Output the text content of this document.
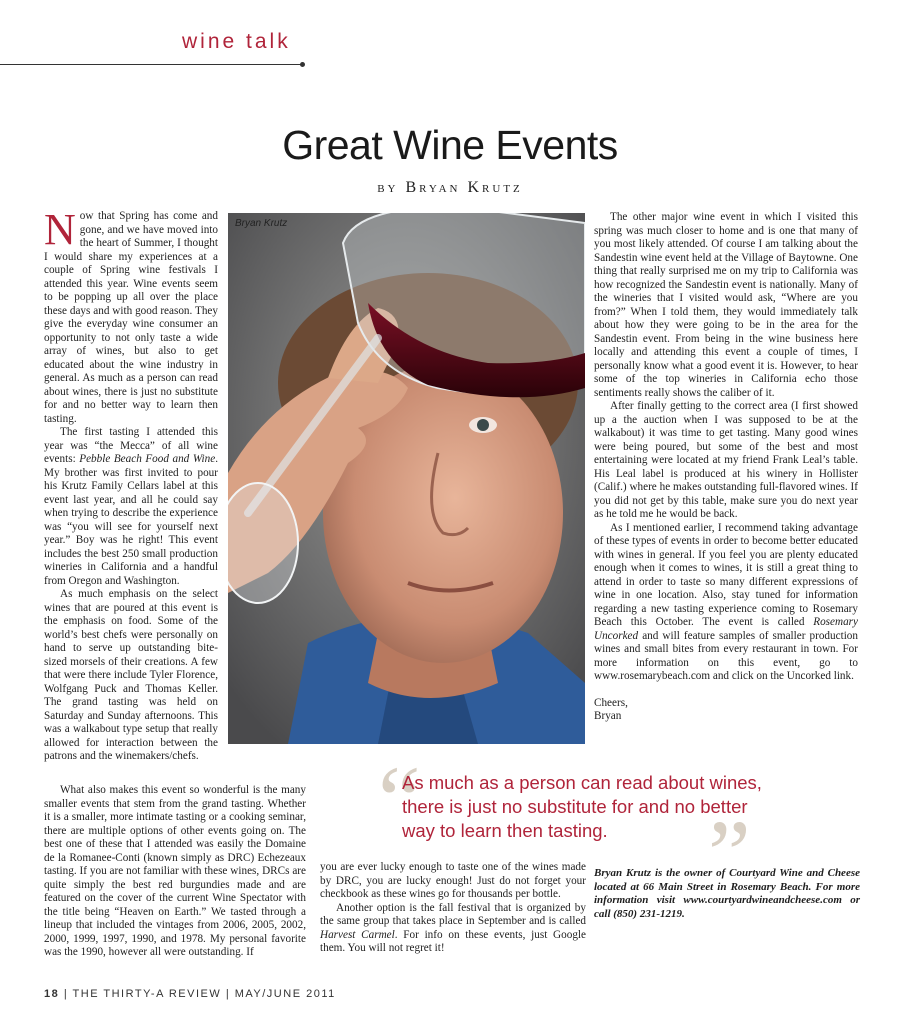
wine talk
Great Wine Events
by Bryan Krutz

Now that Spring has come and gone, and we have moved into the heart of Summer, I thought I would share my experiences at a couple of Spring wine festivals I attended this year. Wine events seem to be popping up all over the place these days and with good reason. They give the everyday wine consumer an opportunity to not only taste a wide array of wines, but also to get educated about the wine industry in general. As much as a person can read about wines, there is just no substitute for and no better way to learn then tasting.

The first tasting I attended this year was “the Mecca” of all wine events: Pebble Beach Food and Wine. My brother was first invited to pour his Krutz Family Cellars label at this event last year, and all he could say when trying to describe the experience was “you will see for yourself next year.” Boy was he right! This event includes the best 250 small production wineries in California and a handful from Oregon and Washington.

As much emphasis on the select wines that are poured at this event is the emphasis on food. Some of the world’s best chefs were personally on hand to serve up outstanding bite-sized morsels of their creations. A few that were there include Tyler Florence, Wolfgang Puck and Thomas Keller. The grand tasting was held on Saturday and Sunday afternoons. This was a walkabout type setup that really allowed for interaction between the patrons and the winemakers/chefs.

What also makes this event so wonderful is the many smaller events that stem from the grand tasting. Whether it is a smaller, more intimate tasting or a cooking seminar, there are multiple options of other events going on. The best one of these that I attended was easily the Domaine de la Romanee-Conti (known simply as DRC) Echezeaux tasting. If you are not familiar with these wines, DRCs are quite simply the best red burgundies made and are featured on the cover of the current Wine Spectator with the title being “Heaven on Earth.” We tasted through a lineup that included the vintages from 2006, 2005, 2002, 2000, 1999, 1997, 1990, and 1978. My personal favorite was the 1990, however all were outstanding. If

you are ever lucky enough to taste one of the wines made by DRC, you are lucky enough! Just do not forget your checkbook as these wines go for thousands per bottle.

Another option is the fall festival that is organized by the same group that takes place in September and is called Harvest Carmel. For info on these events, just Google them. You will not regret it!

The other major wine event in which I visited this spring was much closer to home and is one that many of you most likely attended. Of course I am talking about the Sandestin wine event held at the Village of Baytowne. One thing that really surprised me on my trip to California was how recognized the Sandestin event is nationally. Many of the wineries that I visited would ask, “Where are you from?” When I told them, they would immediately talk about how they were going to be in the area for the Sandestin event. From being in the wine business here locally and attending this event a couple of times, I personally know what a good event it is. However, to hear some of the top wineries in California echo those sentiments really shows the caliber of it.

After finally getting to the correct area (I first showed up a the auction when I was supposed to be at the walkabout) it was time to get tasting. Many good wines were being poured, but some of the best and most entertaining were located at my friend Frank Leal’s table. His Leal label is produced at his winery in Hollister (Calif.) where he makes outstanding full-flavored wines. If you did not get by this table, make sure you do next year as he told me he would be back.

As I mentioned earlier, I recommend taking advantage of these types of events in order to become better educated with wines in general. If you feel you are plenty educated enough when it comes to wines, it is still a great thing to attend in order to taste so many different expressions of wine in one location. Also, stay tuned for information regarding a new tasting experience coming to Rosemary Beach this October. The event is called Rosemary Uncorked and will feature samples of smaller production wines and small bites from every restaurant in town. For more information on this event, go to www.rosemarybeach.com and click on the Uncorked link.

Cheers,

Bryan

Bryan Krutz
“
As much as a person can read about wines, there is just no substitute for and no better way to learn then tasting.	”
Bryan Krutz is the owner of Courtyard Wine and Cheese located at 66 Main Street in Rosemary Beach. For more information visit www.courtyardwineandcheese.com or call (850) 231-1219.
18 | THE THIRTY-A REVIEW | MAY/JUNE 2011
